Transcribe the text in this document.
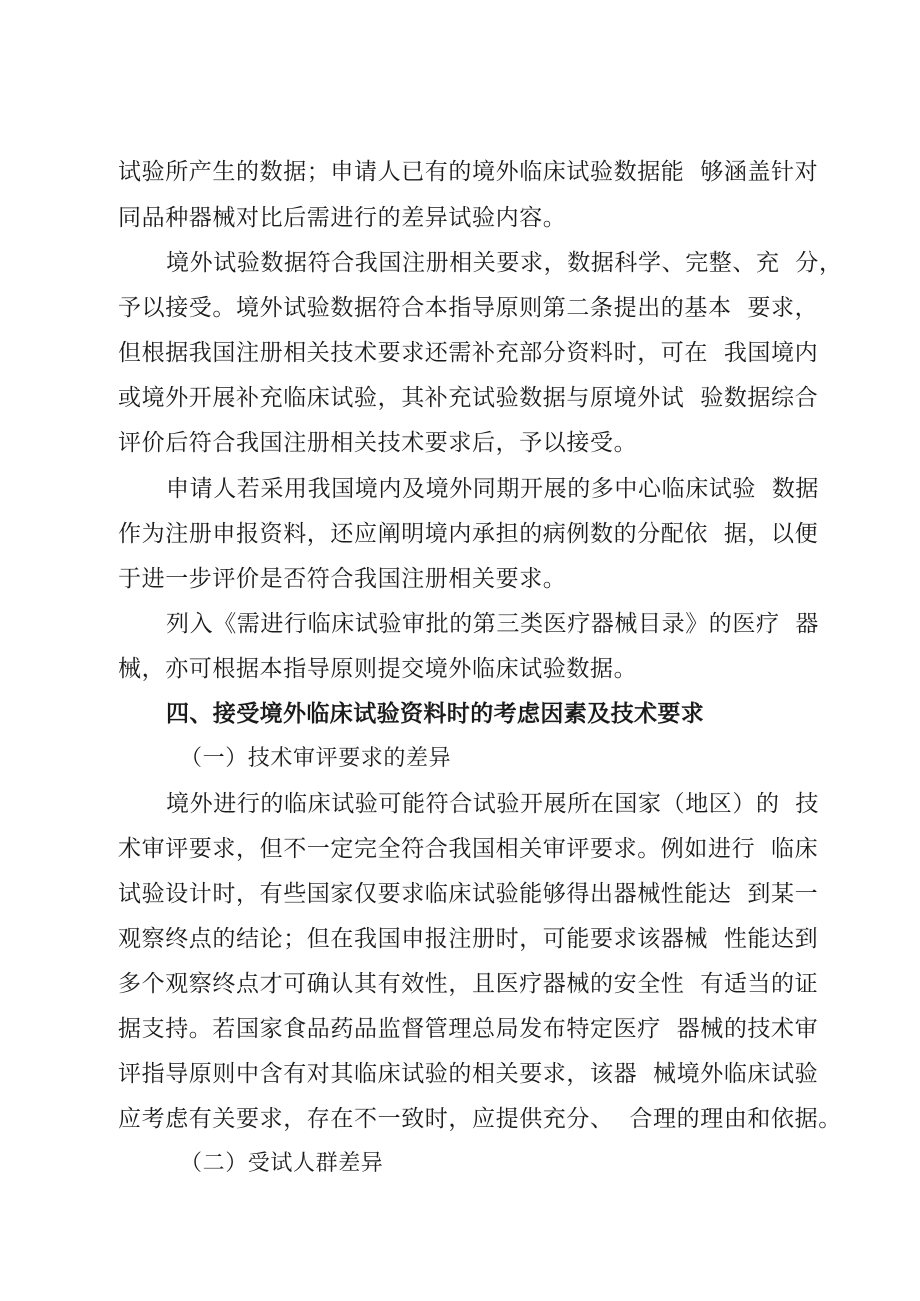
试验所产生的数据；申请人已有的境外临床试验数据能  够涵盖针对
同品种器械对比后需进行的差异试验内容。
境外试验数据符合我国注册相关要求，数据科学、完整、充  分，
予以接受。境外试验数据符合本指导原则第二条提出的基本  要求，
但根据我国注册相关技术要求还需补充部分资料时，可在  我国境内
或境外开展补充临床试验，其补充试验数据与原境外试  验数据综合
评价后符合我国注册相关技术要求后，予以接受。
申请人若采用我国境内及境外同期开展的多中心临床试验  数据
作为注册申报资料，还应阐明境内承担的病例数的分配依  据，以便
于进一步评价是否符合我国注册相关要求。
列入《需进行临床试验审批的第三类医疗器械目录》的医疗  器
械，亦可根据本指导原则提交境外临床试验数据。
四、接受境外临床试验资料时的考虑因素及技术要求
（一）技术审评要求的差异
境外进行的临床试验可能符合试验开展所在国家（地区）的  技
术审评要求，但不一定完全符合我国相关审评要求。例如进行  临床
试验设计时，有些国家仅要求临床试验能够得出器械性能达  到某一
观察终点的结论；但在我国申报注册时，可能要求该器械  性能达到
多个观察终点才可确认其有效性，且医疗器械的安全性  有适当的证
据支持。若国家食品药品监督管理总局发布特定医疗  器械的技术审
评指导原则中含有对其临床试验的相关要求，该器  械境外临床试验
应考虑有关要求，存在不一致时，应提供充分、  合理的理由和依据。
（二）受试人群差异
